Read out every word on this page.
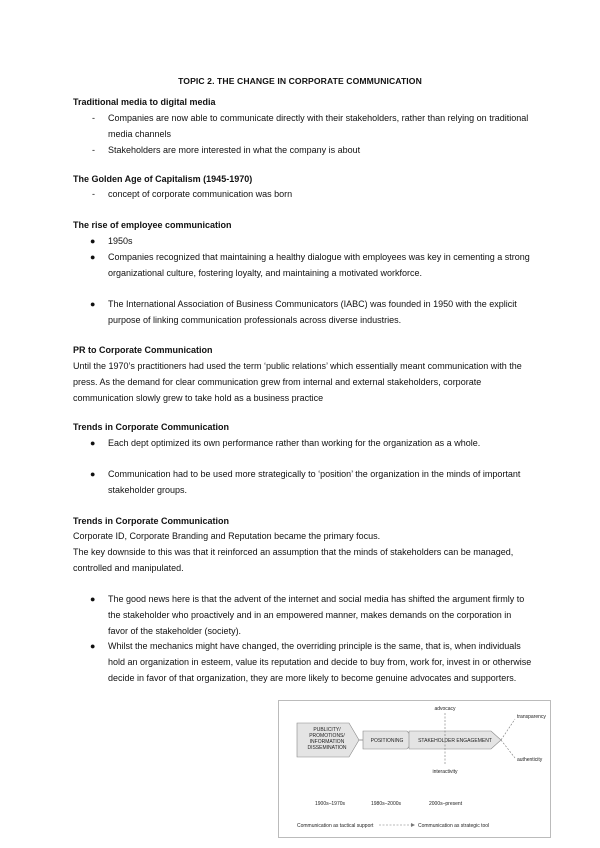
TOPIC 2. THE CHANGE IN CORPORATE COMMUNICATION
Traditional media to digital media
- Companies are now able to communicate directly with their stakeholders, rather than relying on traditional media channels
- Stakeholders are more interested in what the company is about
The Golden Age of Capitalism (1945-1970)
- concept of corporate communication was born
The rise of employee communication
● 1950s
● Companies recognized that maintaining a healthy dialogue with employees was key in cementing a strong organizational culture, fostering loyalty, and maintaining a motivated workforce.
● The International Association of Business Communicators (IABC) was founded in 1950 with the explicit purpose of linking communication professionals across diverse industries.
PR to Corporate Communication
Until the 1970’s practitioners had used the term ‘public relations’ which essentially meant communication with the press. As the demand for clear communication grew from internal and external stakeholders, corporate communication slowly grew to take hold as a business practice
Trends in Corporate Communication
● Each dept optimized its own performance rather than working for the organization as a whole.
● Communication had to be used more strategically to ‘position’ the organization in the minds of important stakeholder groups.
Trends in Corporate Communication
Corporate ID, Corporate Branding and Reputation became the primary focus.
The key downside to this was that it reinforced an assumption that the minds of stakeholders can be managed, controlled and manipulated.
● The good news here is that the advent of the internet and social media has shifted the argument firmly to the stakeholder who proactively and in an empowered manner, makes demands on the corporation in favor of the stakeholder (society).
● Whilst the mechanics might have changed, the overriding principle is the same, that is, when individuals hold an organization in esteem, value its reputation and decide to buy from, work for, invest in or otherwise decide in favor of that organization, they are more likely to become genuine advocates and supporters.
PUBLICITY/
PROMOTIONS/
INFORMATION
DISSEMINATION
POSITIONING	STAKEHOLDER ENGAGEMENT
advocacy
interactivity
transparency
authenticity
1900s–1970s	1980s–2000s	2000s–present
Communication as tactical support	Communication as strategic tool
